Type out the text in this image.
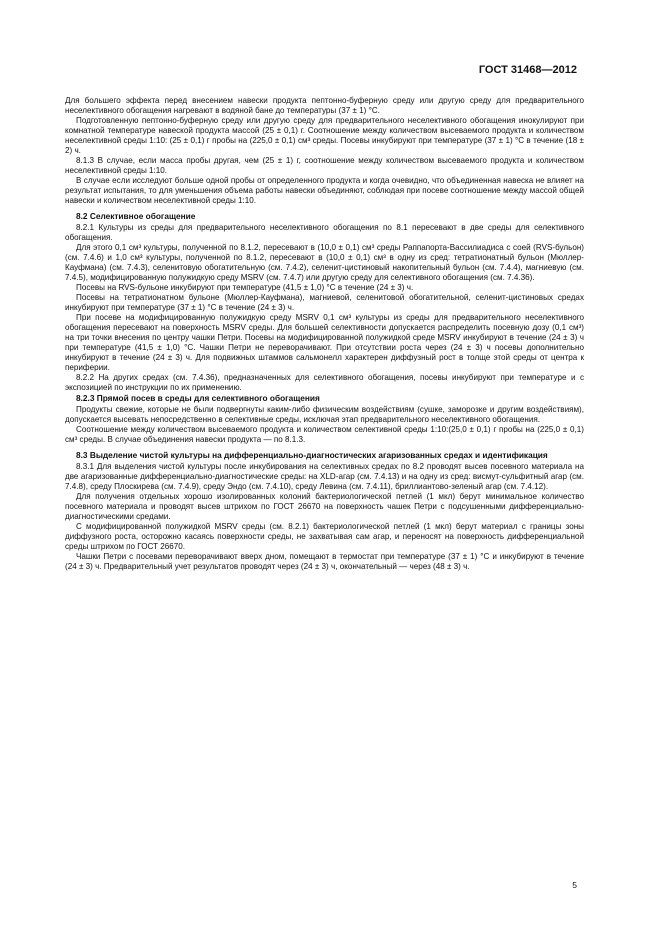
ГОСТ 31468—2012

Для большего эффекта перед внесением навески продукта пептонно-буферную среду или другую среду для предварительного неселективного обогащения нагревают в водяной бане до температуры (37 ± 1) °С.

Подготовленную пептонно-буферную среду или другую среду для предварительного неселективного обогащения инокулируют при комнатной температуре навеской продукта массой (25 ± 0,1) г. Соотношение между количеством высеваемого продукта и количеством неселективной среды 1:10: (25 ± 0,1) г пробы на (225,0 ± 0,1) см³ среды. Посевы инкубируют при температуре (37 ± 1) °С в течение (18 ± 2) ч.

8.1.3 В случае, если масса пробы другая, чем (25 ± 1) г, соотношение между количеством высеваемого продукта и количеством неселективной среды 1:10.

В случае если исследуют больше одной пробы от определенного продукта и когда очевидно, что объединенная навеска не влияет на результат испытания, то для уменьшения объема работы навески объединяют, соблюдая при посеве соотношение между массой общей навески и количеством неселективной среды 1:10.

8.2 Селективное обогащение

8.2.1 Культуры из среды для предварительного неселективного обогащения по 8.1 пересевают в две среды для селективного обогащения.

Для этого 0,1 см³ культуры, полученной по 8.1.2, пересевают в (10,0 ± 0,1) см³ среды Раппапорта-Вассилиадиса с соей (RVS-бульон) (см. 7.4.6) и 1,0 см³ культуры, полученной по 8.1.2, пересевают в (10,0 ± 0,1) см³ в одну из сред: тетратионатный бульон (Мюллер-Кауфмана) (см. 7.4.3), селенитовую обогатительную (см. 7.4.2), селенит-цистиновый накопительный бульон (см. 7.4.4), магниевую (см. 7.4.5), модифицированную полужидкую среду MSRV (см. 7.4.7) или другую среду для селективного обогащения (см. 7.4.36).

Посевы на RVS-бульоне инкубируют при температуре (41,5 ± 1,0) °С в течение (24 ± 3) ч.

Посевы на тетратионатном бульоне (Мюллер-Кауфмана), магниевой, селенитовой обогатительной, селенит-цистиновых средах инкубируют при температуре (37 ± 1) °С в течение (24 ± 3) ч.

При посеве на модифицированную полужидкую среду MSRV 0,1 см³ культуры из среды для предварительного неселективного обогащения пересевают на поверхность MSRV среды. Для большей селективности допускается распределить посевную дозу (0,1 см³) на три точки внесения по центру чашки Петри. Посевы на модифицированной полужидкой среде MSRV инкубируют в течение (24 ± 3) ч при температуре (41,5 ± 1,0) °С. Чашки Петри не переворачивают. При отсутствии роста через (24 ± 3) ч посевы дополнительно инкубируют в течение (24 ± 3) ч. Для подвижных штаммов сальмонелл характерен диффузный рост в толще этой среды от центра к периферии.

8.2.2 На других средах (см. 7.4.36), предназначенных для селективного обогащения, посевы инкубируют при температуре и с экспозицией по инструкции по их применению.

8.2.3 Прямой посев в среды для селективного обогащения

Продукты свежие, которые не были подвергнуты каким-либо физическим воздействиям (сушке, заморозке и другим воздействиям), допускается высевать непосредственно в селективные среды, исключая этап предварительного неселективного обогащения.

Соотношение между количеством высеваемого продукта и количеством селективной среды 1:10:(25,0 ± 0,1) г пробы на (225,0 ± 0,1) см³ среды. В случае объединения навески продукта — по 8.1.3.

8.3 Выделение чистой культуры на дифференциально-диагностических агаризованных средах и идентификация

8.3.1 Для выделения чистой культуры после инкубирования на селективных средах по 8.2 проводят высев посевного материала на две агаризованные дифференциально-диагностические среды: на XLD-агар (см. 7.4.13) и на одну из сред: висмут-сульфитный агар (см. 7.4.8), среду Плоскирева (см. 7.4.9), среду Эндо (см. 7.4.10), среду Левина (см. 7.4.11), бриллиантово-зеленый агар (см. 7.4.12).

Для получения отдельных хорошо изолированных колоний бактериологической петлей (1 мкл) берут минимальное количество посевного материала и проводят высев штрихом по ГОСТ 26670 на поверхность чашек Петри с подсушенными дифференциально-диагностическими средами.

С модифицированной полужидкой MSRV среды (см. 8.2.1) бактериологической петлей (1 мкл) берут материал с границы зоны диффузного роста, осторожно касаясь поверхности среды, не захватывая сам агар, и переносят на поверхность дифференциальной среды штрихом по ГОСТ 26670.

Чашки Петри с посевами переворачивают вверх дном, помещают в термостат при температуре (37 ± 1) °С и инкубируют в течение (24 ± 3) ч. Предварительный учет результатов проводят через (24 ± 3) ч, окончательный — через (48 ± 3) ч.

5
